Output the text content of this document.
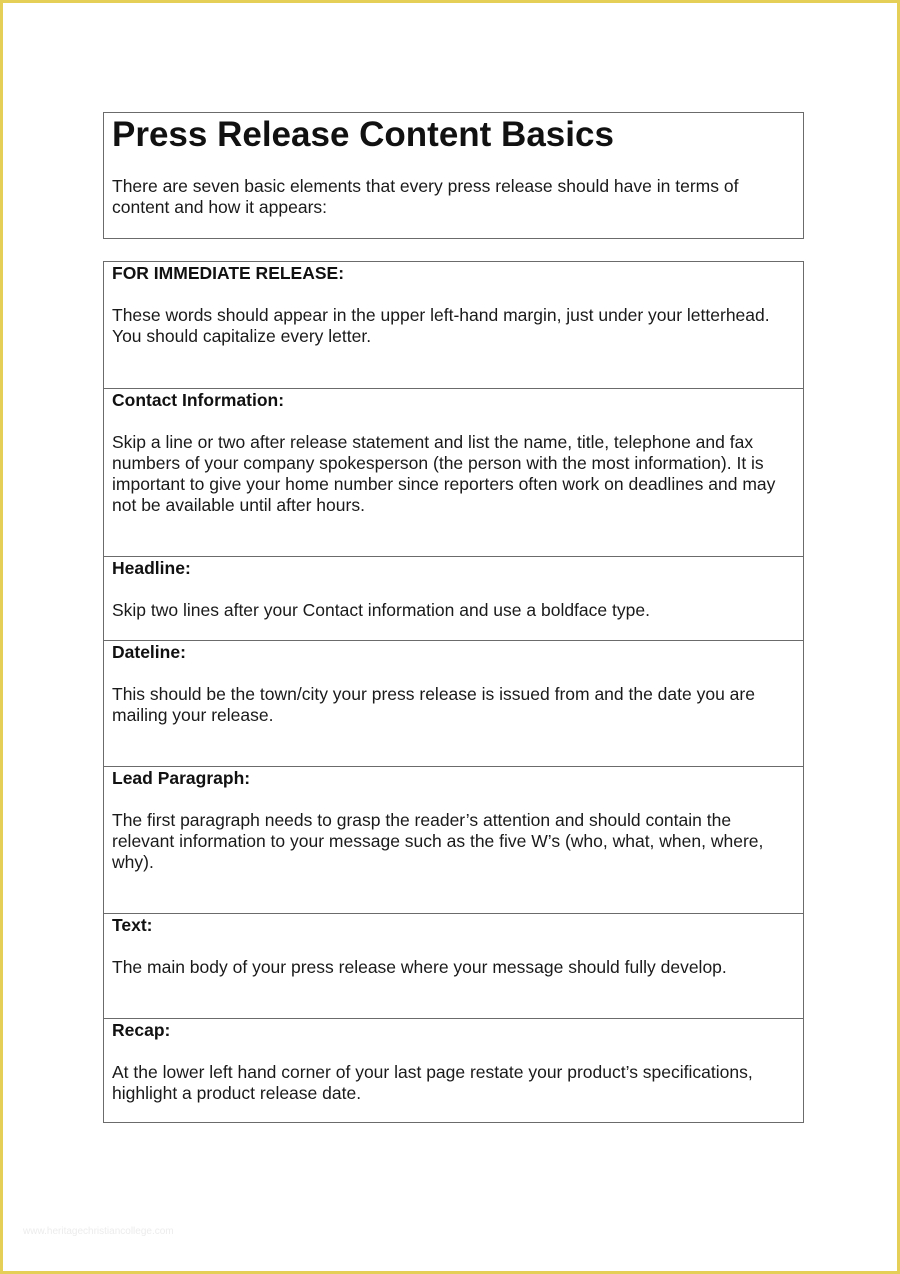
Press Release Content Basics

There are seven basic elements that every press release should have in terms of content and how it appears:

FOR IMMEDIATE RELEASE:
These words should appear in the upper left-hand margin, just under your letterhead. You should capitalize every letter.
Contact Information:
Skip a line or two after release statement and list the name, title, telephone and fax numbers of your company spokesperson (the person with the most information). It is important to give your home number since reporters often work on deadlines and may not be available until after hours.
Headline:
Skip two lines after your Contact information and use a boldface type.
Dateline:
This should be the town/city your press release is issued from and the date you are mailing your release.
Lead Paragraph:
The first paragraph needs to grasp the reader’s attention and should contain the relevant information to your message such as the five W’s (who, what, when, where, why).
Text:
The main body of your press release where your message should fully develop.
Recap:
At the lower left hand corner of your last page restate your product’s specifications, highlight a product release date.
www.heritagechristiancollege.com
